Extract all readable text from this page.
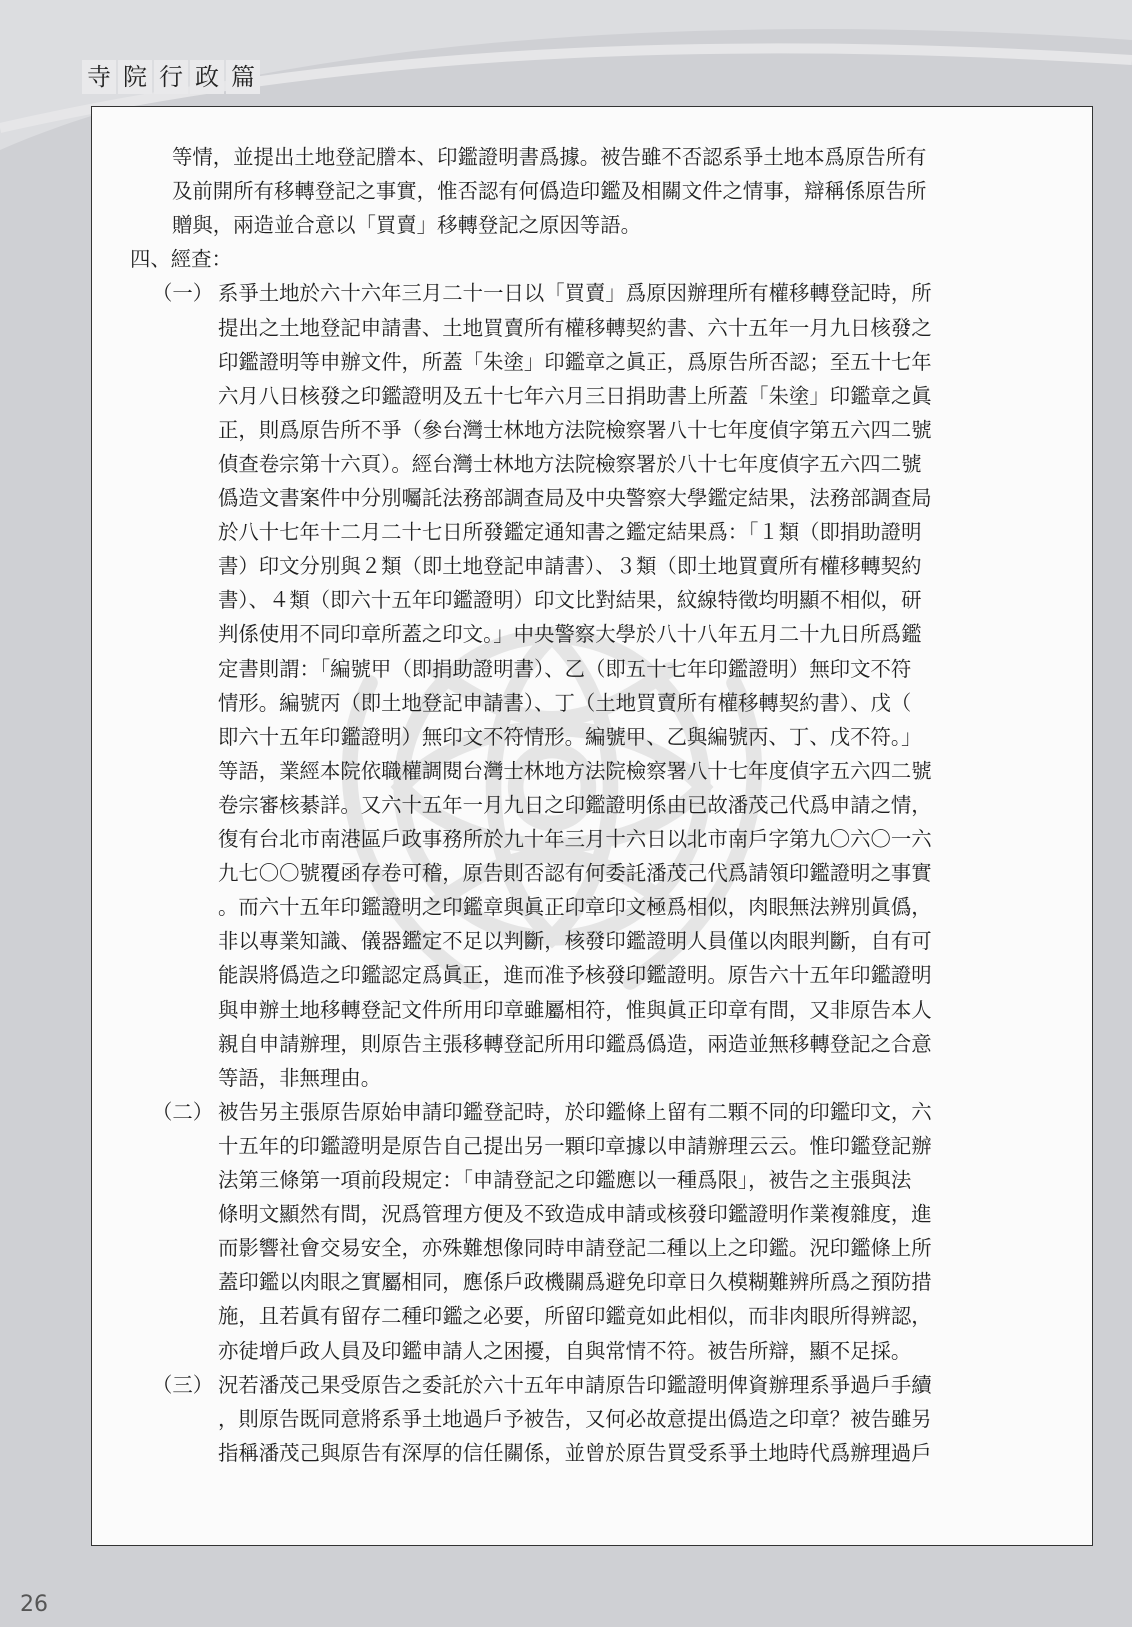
寺 院 行 政 篇
等情，並提出土地登記謄本、印鑑證明書爲據。被告雖不否認系爭土地本爲原告所有
及前開所有移轉登記之事實，惟否認有何僞造印鑑及相關文件之情事，辯稱係原告所
贈與，兩造並合意以「買賣」移轉登記之原因等語。
四、經查：
（一） 系爭土地於六十六年三月二十一日以「買賣」爲原因辦理所有權移轉登記時，所
提出之土地登記申請書、土地買賣所有權移轉契約書、六十五年一月九日核發之
印鑑證明等申辦文件，所蓋「朱塗」印鑑章之眞正，爲原告所否認；至五十七年
六月八日核發之印鑑證明及五十七年六月三日捐助書上所蓋「朱塗」印鑑章之眞
正，則爲原告所不爭（參台灣士林地方法院檢察署八十七年度偵字第五六四二號
偵查卷宗第十六頁）。經台灣士林地方法院檢察署於八十七年度偵字五六四二號
僞造文書案件中分別囑託法務部調查局及中央警察大學鑑定結果，法務部調查局
於八十七年十二月二十七日所發鑑定通知書之鑑定結果爲：「１類（即捐助證明
書）印文分別與２類（即土地登記申請書）、３類（即土地買賣所有權移轉契約
書）、４類（即六十五年印鑑證明）印文比對結果，紋線特徵均明顯不相似，研
判係使用不同印章所蓋之印文。」中央警察大學於八十八年五月二十九日所爲鑑
定書則謂：「編號甲（即捐助證明書）、乙（即五十七年印鑑證明）無印文不符
情形。編號丙（即土地登記申請書）、丁（土地買賣所有權移轉契約書）、戊（
即六十五年印鑑證明）無印文不符情形。編號甲、乙與編號丙、丁、戊不符。」
等語，業經本院依職權調閱台灣士林地方法院檢察署八十七年度偵字五六四二號
卷宗審核綦詳。又六十五年一月九日之印鑑證明係由已故潘茂己代爲申請之情，
復有台北市南港區戶政事務所於九十年三月十六日以北市南戶字第九〇六〇一六
九七〇〇號覆函存卷可稽，原告則否認有何委託潘茂己代爲請領印鑑證明之事實
。而六十五年印鑑證明之印鑑章與眞正印章印文極爲相似，肉眼無法辨別眞僞，
非以專業知識、儀器鑑定不足以判斷，核發印鑑證明人員僅以肉眼判斷，自有可
能誤將僞造之印鑑認定爲眞正，進而准予核發印鑑證明。原告六十五年印鑑證明
與申辦土地移轉登記文件所用印章雖屬相符，惟與眞正印章有間，又非原告本人
親自申請辦理，則原告主張移轉登記所用印鑑爲僞造，兩造並無移轉登記之合意
等語，非無理由。
（二） 被告另主張原告原始申請印鑑登記時，於印鑑條上留有二顆不同的印鑑印文，六
十五年的印鑑證明是原告自己提出另一顆印章據以申請辦理云云。惟印鑑登記辦
法第三條第一項前段規定：「申請登記之印鑑應以一種爲限」，被告之主張與法
條明文顯然有間，況爲管理方便及不致造成申請或核發印鑑證明作業複雜度，進
而影響社會交易安全，亦殊難想像同時申請登記二種以上之印鑑。況印鑑條上所
蓋印鑑以肉眼之實屬相同，應係戶政機關爲避免印章日久模糊難辨所爲之預防措
施，且若眞有留存二種印鑑之必要，所留印鑑竟如此相似，而非肉眼所得辨認，
亦徒增戶政人員及印鑑申請人之困擾，自與常情不符。被告所辯，顯不足採。
（三） 況若潘茂己果受原告之委託於六十五年申請原告印鑑證明俾資辦理系爭過戶手續
，則原告既同意將系爭土地過戶予被告，又何必故意提出僞造之印章？被告雖另
指稱潘茂己與原告有深厚的信任關係，並曾於原告買受系爭土地時代爲辦理過戶
26
